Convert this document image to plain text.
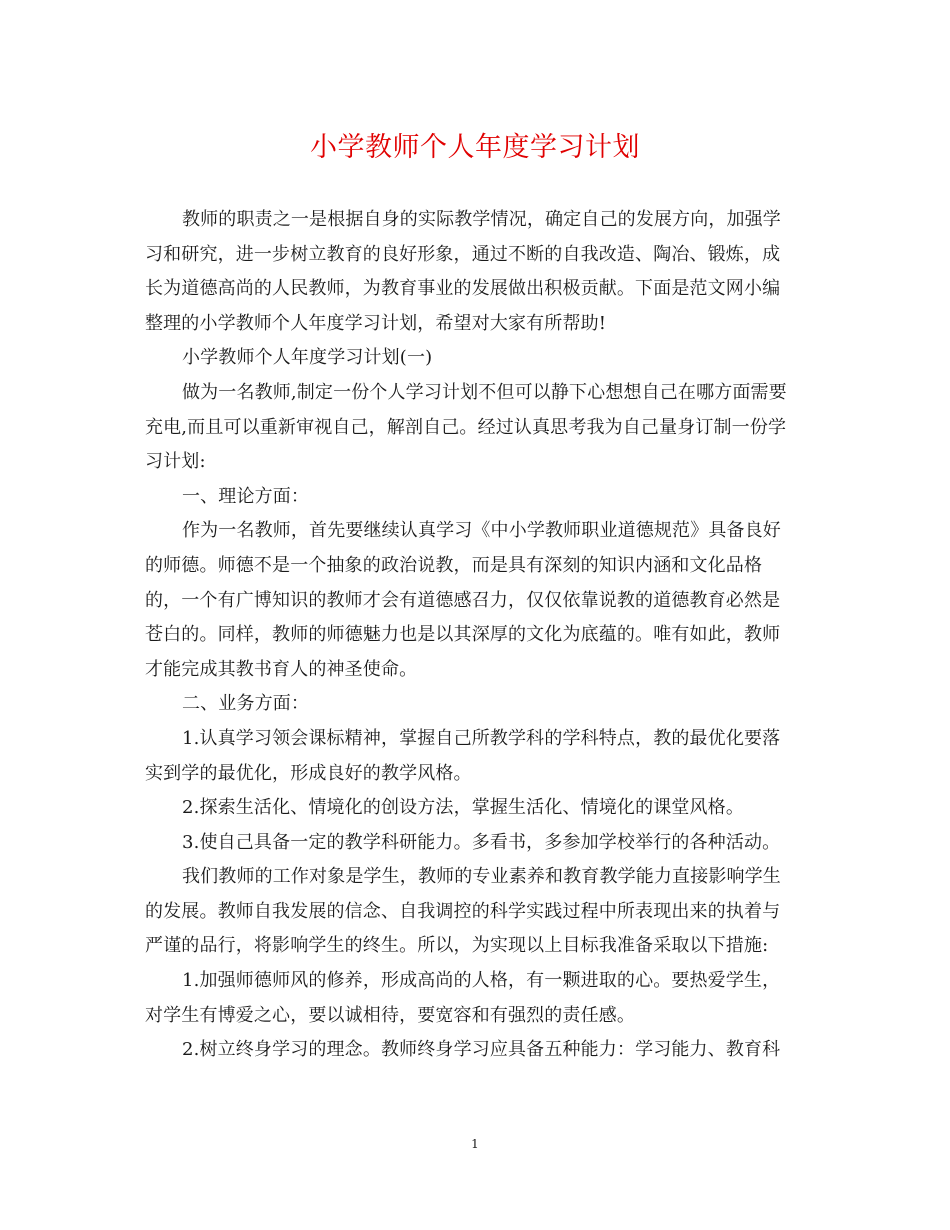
小学教师个人年度学习计划
教师的职责之一是根据自身的实际教学情况，确定自己的发展方向，加强学
习和研究，进一步树立教育的良好形象，通过不断的自我改造、陶冶、锻炼，成
长为道德高尚的人民教师，为教育事业的发展做出积极贡献。下面是范文网小编
整理的小学教师个人年度学习计划，希望对大家有所帮助!
小学教师个人年度学习计划(一)
做为一名教师,制定一份个人学习计划不但可以静下心想想自己在哪方面需要
充电,而且可以重新审视自己，解剖自己。经过认真思考我为自己量身订制一份学
习计划:
一、理论方面：
作为一名教师，首先要继续认真学习《中小学教师职业道德规范》具备良好
的师德。师德不是一个抽象的政治说教，而是具有深刻的知识内涵和文化品格
的，一个有广博知识的教师才会有道德感召力，仅仅依靠说教的道德教育必然是
苍白的。同样，教师的师德魅力也是以其深厚的文化为底蕴的。唯有如此，教师
才能完成其教书育人的神圣使命。
二、业务方面：
1.认真学习领会课标精神，掌握自己所教学科的学科特点，教的最优化要落
实到学的最优化，形成良好的教学风格。
2.探索生活化、情境化的创设方法，掌握生活化、情境化的课堂风格。
3.使自己具备一定的教学科研能力。多看书，多参加学校举行的各种活动。
我们教师的工作对象是学生，教师的专业素养和教育教学能力直接影响学生
的发展。教师自我发展的信念、自我调控的科学实践过程中所表现出来的执着与
严谨的品行，将影响学生的终生。所以，为实现以上目标我准备采取以下措施:
1.加强师德师风的修养，形成高尚的人格，有一颗进取的心。要热爱学生，
对学生有博爱之心，要以诚相待，要宽容和有强烈的责任感。
2.树立终身学习的理念。教师终身学习应具备五种能力：学习能力、教育科
1
